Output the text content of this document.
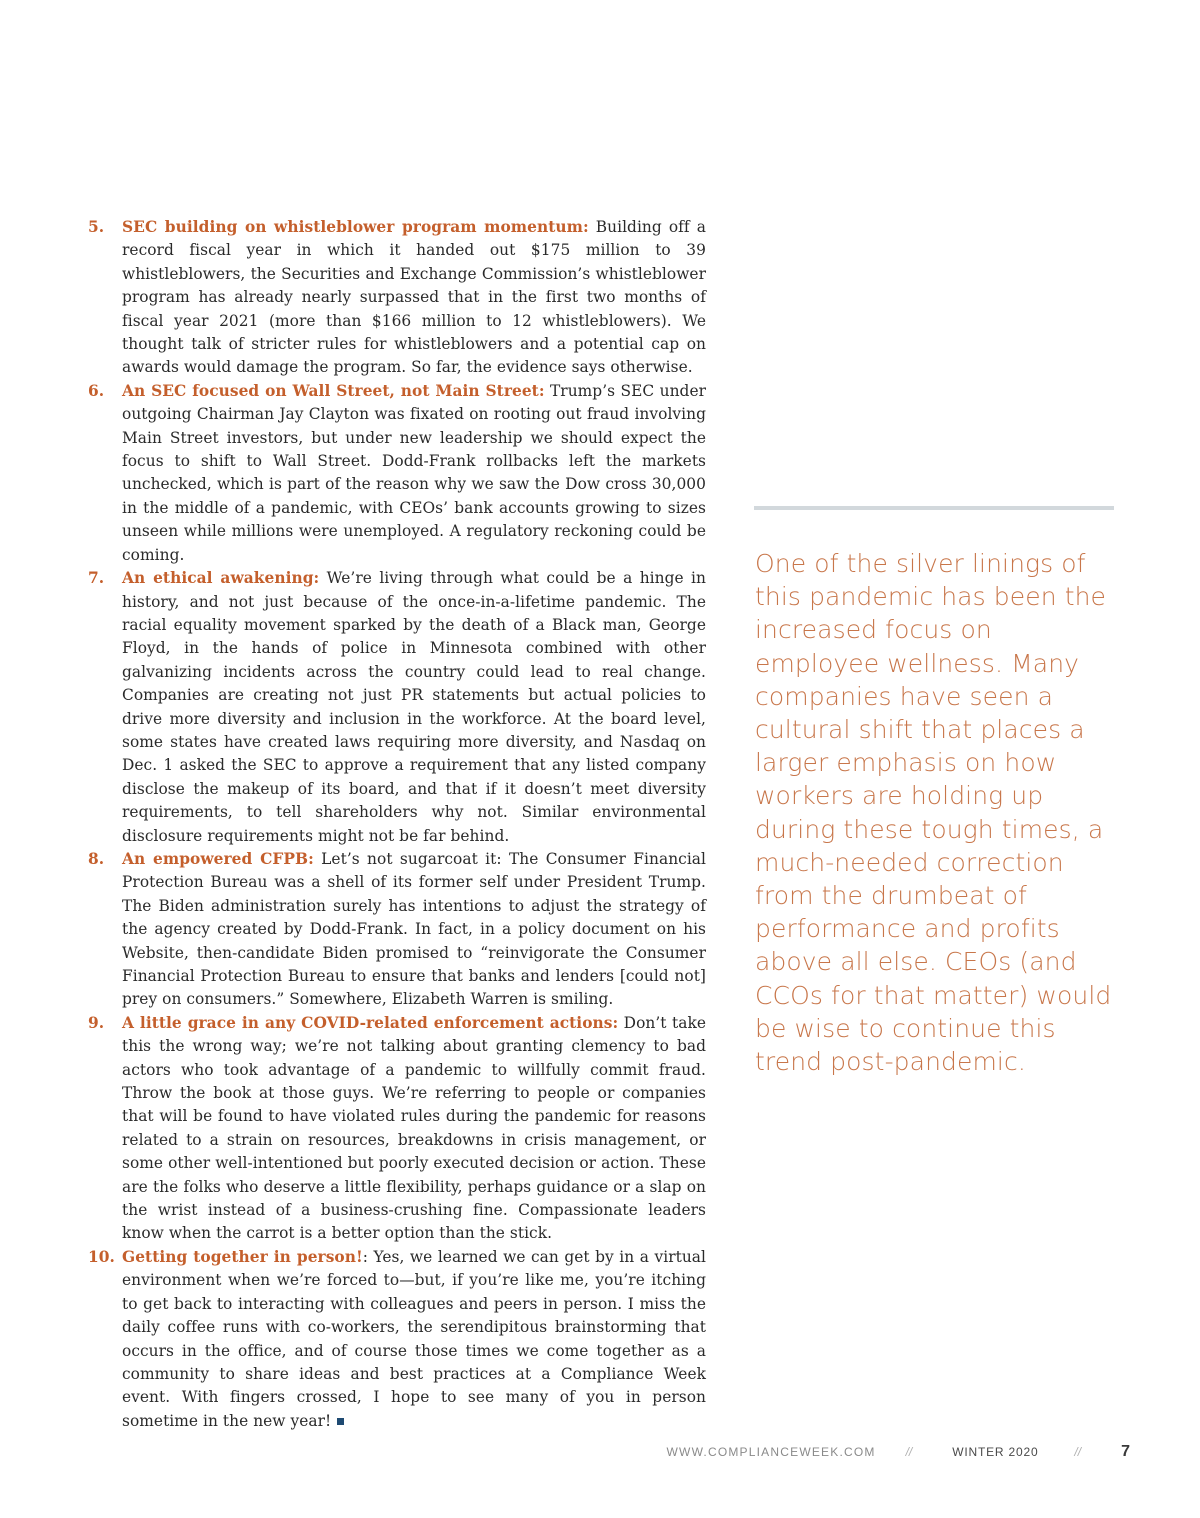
5. SEC building on whistleblower program momentum: Building off a record fiscal year in which it handed out $175 million to 39 whistleblowers, the Securities and Exchange Commission’s whistleblower program has already nearly surpassed that in the first two months of fiscal year 2021 (more than $166 million to 12 whistleblowers). We thought talk of stricter rules for whistleblowers and a potential cap on awards would damage the program. So far, the evidence says otherwise.
6. An SEC focused on Wall Street, not Main Street: Trump’s SEC under outgoing Chairman Jay Clayton was fixated on rooting out fraud involving Main Street investors, but under new leadership we should expect the focus to shift to Wall Street. Dodd-Frank rollbacks left the markets unchecked, which is part of the reason why we saw the Dow cross 30,000 in the middle of a pandemic, with CEOs’ bank accounts growing to sizes unseen while millions were unemployed. A regulatory reckoning could be coming.
7. An ethical awakening: We’re living through what could be a hinge in history, and not just because of the once-in-a-lifetime pandemic. The racial equality movement sparked by the death of a Black man, George Floyd, in the hands of police in Minnesota combined with other galvanizing incidents across the country could lead to real change. Companies are creating not just PR statements but actual policies to drive more diversity and inclusion in the workforce. At the board level, some states have created laws requiring more diversity, and Nasdaq on Dec. 1 asked the SEC to approve a requirement that any listed company disclose the makeup of its board, and that if it doesn’t meet diversity requirements, to tell shareholders why not. Similar environmental disclosure requirements might not be far behind.
8. An empowered CFPB: Let’s not sugarcoat it: The Consumer Financial Protection Bureau was a shell of its former self under President Trump. The Biden administration surely has intentions to adjust the strategy of the agency created by Dodd-Frank. In fact, in a policy document on his Website, then-candidate Biden promised to “reinvigorate the Consumer Financial Protection Bureau to ensure that banks and lenders [could not] prey on consumers.” Somewhere, Elizabeth Warren is smiling.
9. A little grace in any COVID-related enforcement actions: Don’t take this the wrong way; we’re not talking about granting clemency to bad actors who took advantage of a pandemic to willfully commit fraud. Throw the book at those guys. We’re referring to people or companies that will be found to have violated rules during the pandemic for reasons related to a strain on resources, breakdowns in crisis management, or some other well-intentioned but poorly executed decision or action. These are the folks who deserve a little flexibility, perhaps guidance or a slap on the wrist instead of a business-crushing fine. Compassionate leaders know when the carrot is a better option than the stick.
10. Getting together in person!: Yes, we learned we can get by in a virtual environment when we’re forced to—but, if you’re like me, you’re itching to get back to interacting with colleagues and peers in person. I miss the daily coffee runs with co-workers, the serendipitous brainstorming that occurs in the office, and of course those times we come together as a community to share ideas and best practices at a Compliance Week event. With fingers crossed, I hope to see many of you in person sometime in the new year!

One of the silver linings of this pandemic has been the increased focus on employee wellness. Many companies have seen a cultural shift that places a larger emphasis on how workers are holding up during these tough times, a much-needed correction from the drumbeat of performance and profits above all else. CEOs (and CCOs for that matter) would be wise to continue this trend post-pandemic.

WWW.COMPLIANCEWEEK.COM	//	WINTER 2020	//	7
